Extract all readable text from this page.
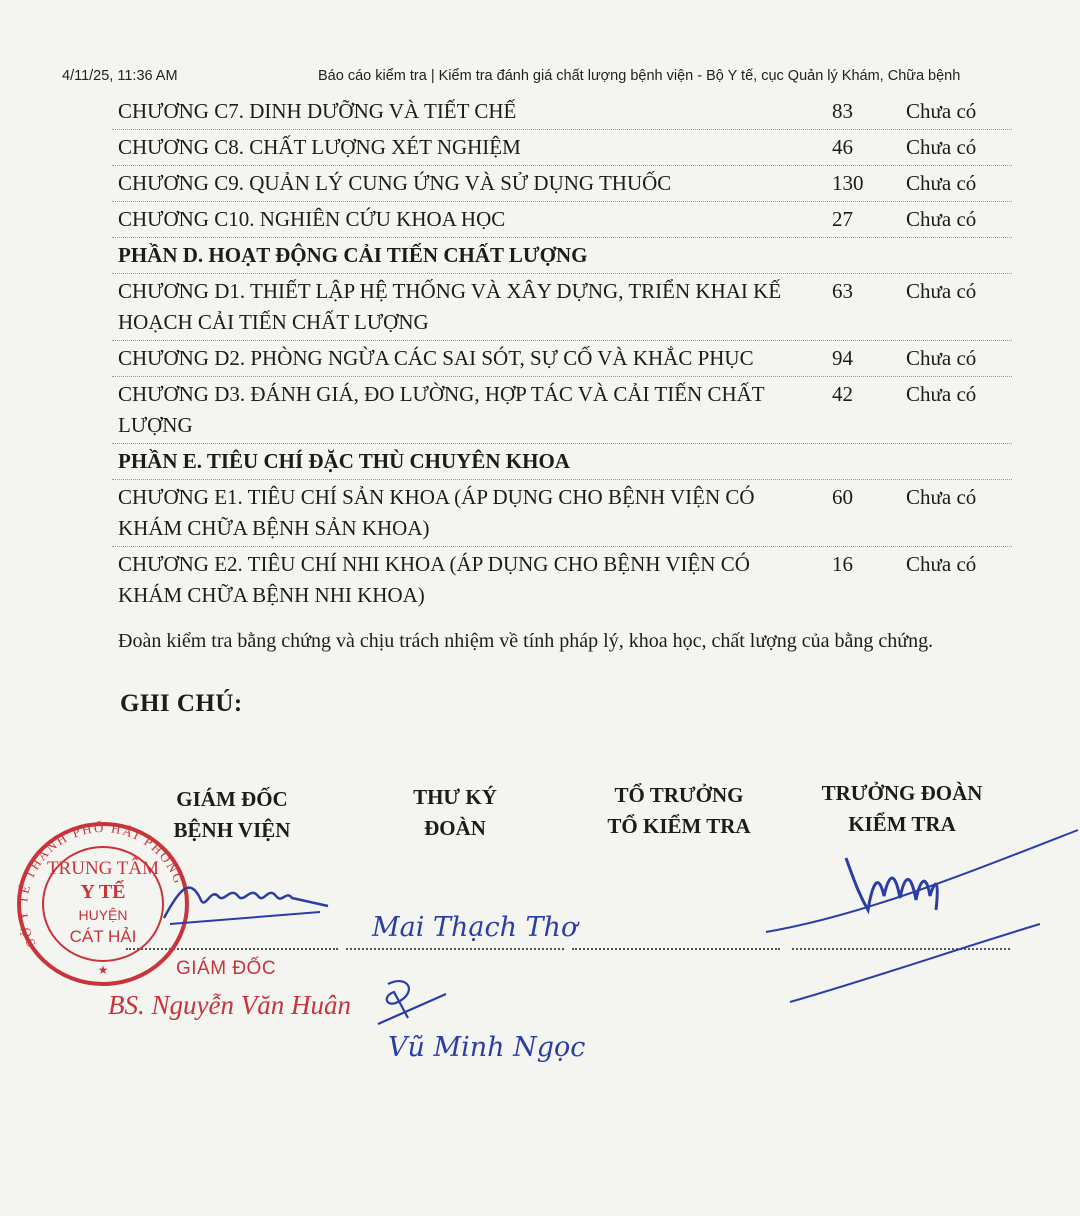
4/11/25, 11:36 AM	Báo cáo kiểm tra | Kiểm tra đánh giá chất lượng bệnh viện - Bộ Y tế, cục Quản lý Khám, Chữa bệnh
CHƯƠNG C7. DINH DƯỠNG VÀ TIẾT CHẾ	83	Chưa có
CHƯƠNG C8. CHẤT LƯỢNG XÉT NGHIỆM	46	Chưa có
CHƯƠNG C9. QUẢN LÝ CUNG ỨNG VÀ SỬ DỤNG THUỐC	130 Chưa có
CHƯƠNG C10. NGHIÊN CỨU KHOA HỌC	27	Chưa có
PHẦN D. HOẠT ĐỘNG CẢI TIẾN CHẤT LƯỢNG
CHƯƠNG D1. THIẾT LẬP HỆ THỐNG VÀ XÂY DỰNG, TRIỂN KHAI KẾ HOẠCH CẢI TIẾN CHẤT LƯỢNG
63	Chưa có
CHƯƠNG D2. PHÒNG NGỪA CÁC SAI SÓT, SỰ CỐ VÀ KHẮC PHỤC	94	Chưa có
CHƯƠNG D3. ĐÁNH GIÁ, ĐO LƯỜNG, HỢP TÁC VÀ CẢI TIẾN CHẤT LƯỢNG
42	Chưa có
PHẦN E. TIÊU CHÍ ĐẶC THÙ CHUYÊN KHOA
CHƯƠNG E1. TIÊU CHÍ SẢN KHOA (ÁP DỤNG CHO BỆNH VIỆN CÓ KHÁM CHỮA BỆNH SẢN KHOA)
60	Chưa có
CHƯƠNG E2. TIÊU CHÍ NHI KHOA (ÁP DỤNG CHO BỆNH VIỆN CÓ KHÁM CHỮA BỆNH NHI KHOA)
16	Chưa có
Đoàn kiểm tra bằng chứng và chịu trách nhiệm về tính pháp lý, khoa học, chất lượng của bằng chứng.
GHI CHÚ:
GIÁM ĐỐC
BỆNH VIỆN
THƯ KÝ
ĐOÀN
TỔ TRƯỞNG
TỔ KIỂM TRA
TRƯỞNG ĐOÀN
KIỂM TRA
SỞ Y TẾ THÀNH PHỐ HẢI PHÒNG
TRUNG TÂM
Y TẾ
HUYỆN
CÁT HẢI
★	GIÁM ĐỐC
BS. Nguyễn Văn Huân
Mai Thạch Thơ
Vũ Minh Ngọc
